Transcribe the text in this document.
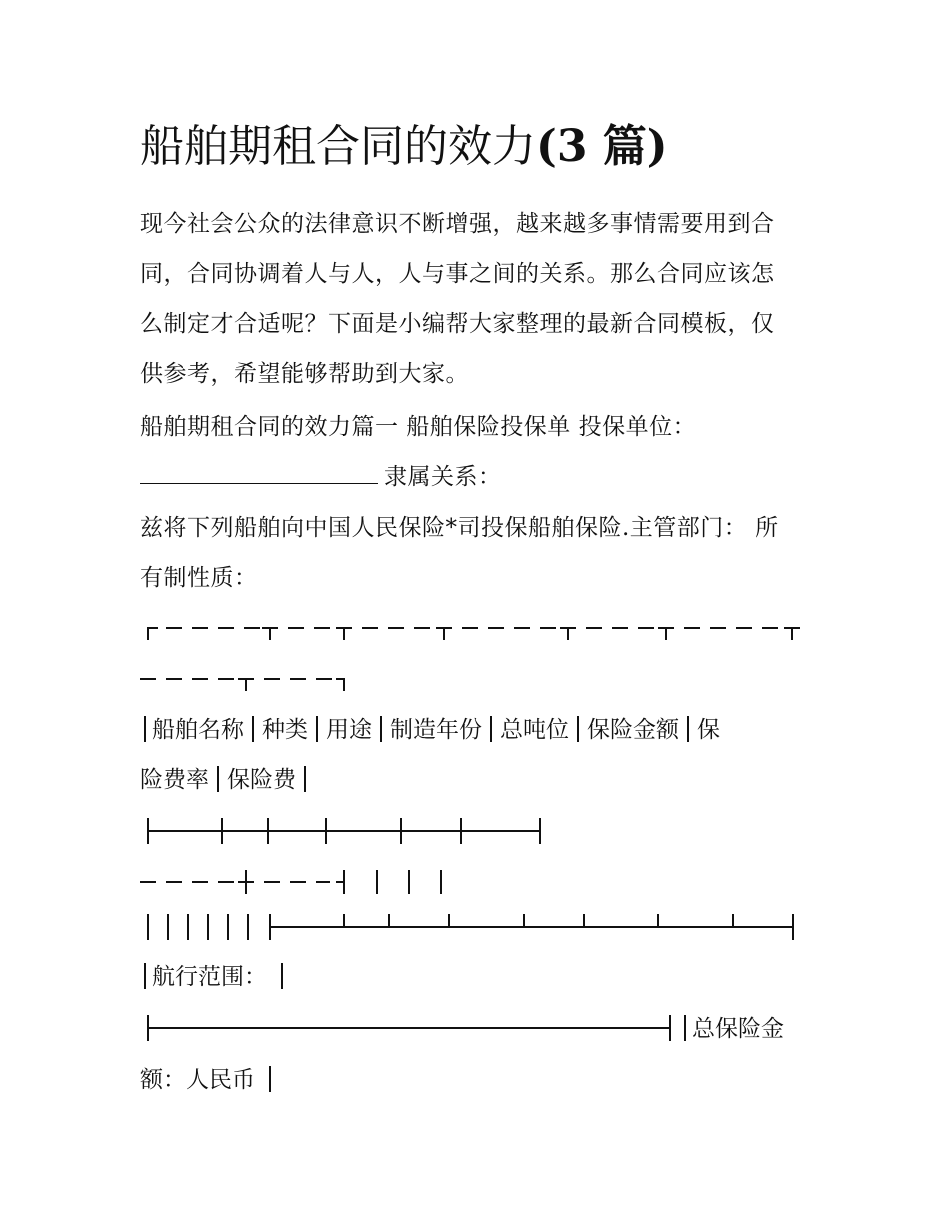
船舶期租合同的效力(3 篇)
现今社会公众的法律意识不断增强，越来越多事情需要用到合
同，合同协调着人与人，人与事之间的关系。那么合同应该怎
么制定才合适呢？下面是小编帮大家整理的最新合同模板，仅
供参考，希望能够帮助到大家。
船舶期租合同的效力篇一 船舶保险投保单 投保单位：
隶属关系：
兹将下列船舶向中国人民保险*司投保船舶保险.主管部门： 所
有制性质：
船舶名称 种类 用途 制造年份 总吨位 保险金额 保
险费率 保险费
航行范围：
总保险金
额：人民币
